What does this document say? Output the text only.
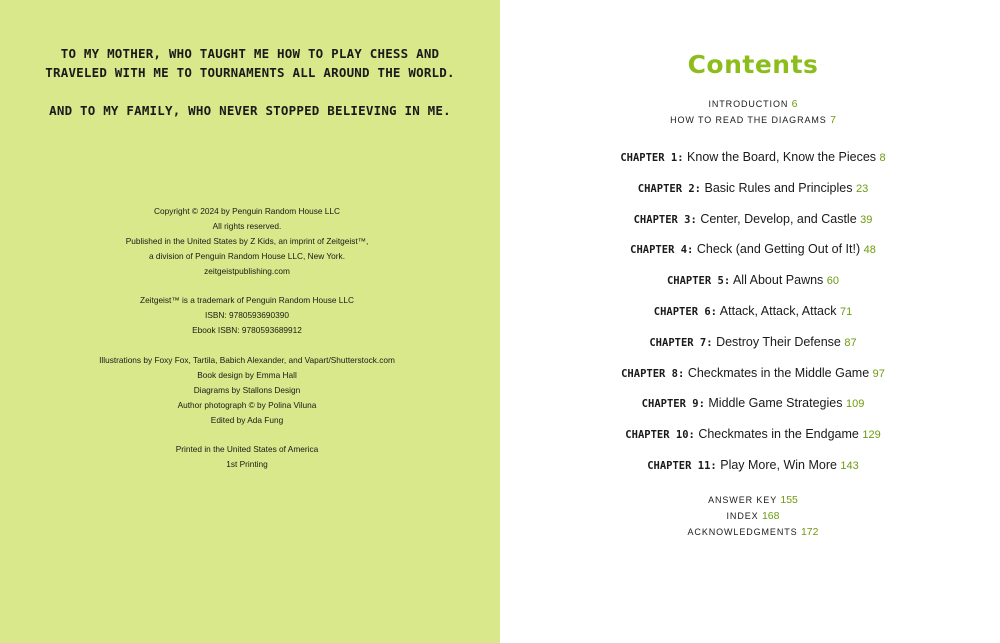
TO MY MOTHER, WHO TAUGHT ME HOW TO PLAY CHESS AND

TRAVELED WITH ME TO TOURNAMENTS ALL AROUND THE WORLD.

AND TO MY FAMILY, WHO NEVER STOPPED BELIEVING IN ME.

Copyright © 2024 by Penguin Random House LLC
All rights reserved.
Published in the United States by Z Kids, an imprint of Zeitgeist™,
a division of Penguin Random House LLC, New York.
zeitgeistpublishing.com
Zeitgeist™ is a trademark of Penguin Random House LLC
ISBN: 9780593690390
Ebook ISBN: 9780593689912
Illustrations by Foxy Fox, Tartila, Babich Alexander, and Vapart/Shutterstock.com
Book design by Emma Hall
Diagrams by Stallons Design
Author photograph © by Polina Viluna
Edited by Ada Fung
Printed in the United States of America
1st Printing
Contents
INTRODUCTION 6
HOW TO READ THE DIAGRAMS 7
CHAPTER 1: Know the Board, Know the Pieces 8
CHAPTER 2: Basic Rules and Principles 23
CHAPTER 3: Center, Develop, and Castle 39
CHAPTER 4: Check (and Getting Out of It!) 48
CHAPTER 5: All About Pawns 60
CHAPTER 6: Attack, Attack, Attack 71
CHAPTER 7: Destroy Their Defense 87
CHAPTER 8: Checkmates in the Middle Game 97
CHAPTER 9: Middle Game Strategies 109
CHAPTER 10: Checkmates in the Endgame 129
CHAPTER 11: Play More, Win More 143
ANSWER KEY 155
INDEX 168
ACKNOWLEDGMENTS 172
